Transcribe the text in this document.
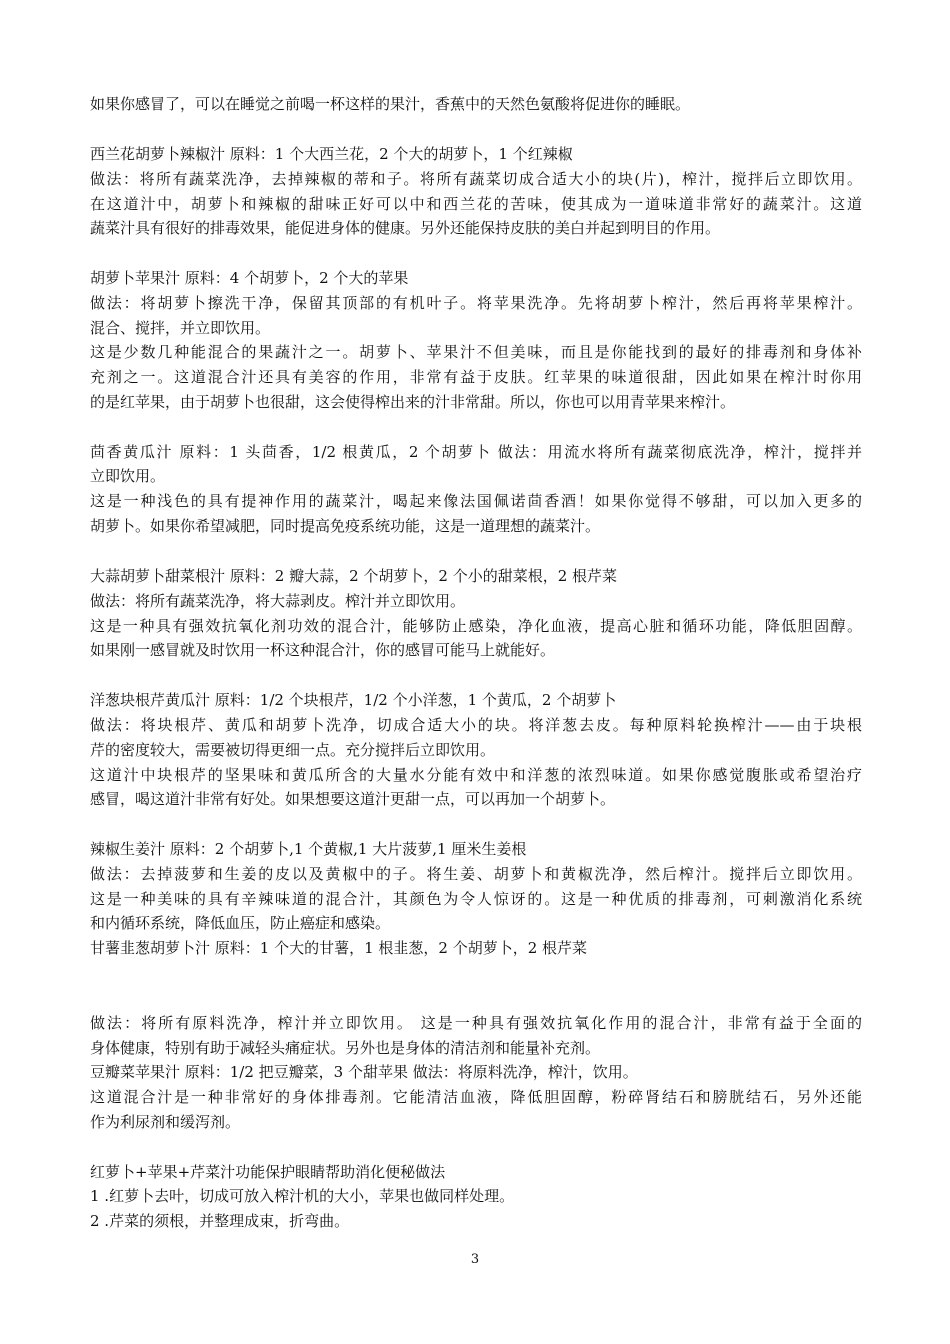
如果你感冒了，可以在睡觉之前喝一杯这样的果汁，香蕉中的天然色氨酸将促进你的睡眠。
西兰花胡萝卜辣椒汁 原料：1 个大西兰花，2 个大的胡萝卜，1 个红辣椒
做法：将所有蔬菜洗净，去掉辣椒的蒂和子。将所有蔬菜切成合适大小的块(片)，榨汁，搅拌后立即饮用。
在这道汁中，胡萝卜和辣椒的甜味正好可以中和西兰花的苦味，使其成为一道味道非常好的蔬菜汁。这道
蔬菜汁具有很好的排毒效果，能促进身体的健康。另外还能保持皮肤的美白并起到明目的作用。
胡萝卜苹果汁 原料：4 个胡萝卜，2 个大的苹果
做法：将胡萝卜擦洗干净，保留其顶部的有机叶子。将苹果洗净。先将胡萝卜榨汁，然后再将苹果榨汁。
混合、搅拌，并立即饮用。
这是少数几种能混合的果蔬汁之一。胡萝卜、苹果汁不但美味，而且是你能找到的最好的排毒剂和身体补
充剂之一。这道混合汁还具有美容的作用，非常有益于皮肤。红苹果的味道很甜，因此如果在榨汁时你用
的是红苹果，由于胡萝卜也很甜，这会使得榨出来的汁非常甜。所以，你也可以用青苹果来榨汁。
茴香黄瓜汁 原料：1 头茴香，1/2 根黄瓜，2 个胡萝卜 做法：用流水将所有蔬菜彻底洗净，榨汁，搅拌并
立即饮用。
这是一种浅色的具有提神作用的蔬菜汁，喝起来像法国佩诺茴香酒！如果你觉得不够甜，可以加入更多的
胡萝卜。如果你希望减肥，同时提高免疫系统功能，这是一道理想的蔬菜汁。
大蒜胡萝卜甜菜根汁 原料：2 瓣大蒜，2 个胡萝卜，2 个小的甜菜根，2 根芹菜
做法：将所有蔬菜洗净，将大蒜剥皮。榨汁并立即饮用。
这是一种具有强效抗氧化剂功效的混合汁，能够防止感染，净化血液，提高心脏和循环功能，降低胆固醇。
如果刚一感冒就及时饮用一杯这种混合汁，你的感冒可能马上就能好。
洋葱块根芹黄瓜汁 原料：1/2 个块根芹，1/2 个小洋葱，1 个黄瓜，2 个胡萝卜
做法：将块根芹、黄瓜和胡萝卜洗净，切成合适大小的块。将洋葱去皮。每种原料轮换榨汁——由于块根
芹的密度较大，需要被切得更细一点。充分搅拌后立即饮用。
这道汁中块根芹的坚果味和黄瓜所含的大量水分能有效中和洋葱的浓烈味道。如果你感觉腹胀或希望治疗
感冒，喝这道汁非常有好处。如果想要这道汁更甜一点，可以再加一个胡萝卜。
辣椒生姜汁 原料：2 个胡萝卜,1 个黄椒,1 大片菠萝,1 厘米生姜根
做法：去掉菠萝和生姜的皮以及黄椒中的子。将生姜、胡萝卜和黄椒洗净，然后榨汁。搅拌后立即饮用。
这是一种美味的具有辛辣味道的混合汁，其颜色为令人惊讶的。这是一种优质的排毒剂，可刺激消化系统
和内循环系统，降低血压，防止癌症和感染。
甘薯韭葱胡萝卜汁 原料：1 个大的甘薯，1 根韭葱，2 个胡萝卜，2 根芹菜
做法：将所有原料洗净，榨汁并立即饮用。 这是一种具有强效抗氧化作用的混合汁，非常有益于全面的
身体健康，特别有助于减轻头痛症状。另外也是身体的清洁剂和能量补充剂。
豆瓣菜苹果汁 原料：1/2 把豆瓣菜，3 个甜苹果 做法：将原料洗净，榨汁，饮用。
这道混合汁是一种非常好的身体排毒剂。它能清洁血液，降低胆固醇，粉碎肾结石和膀胱结石，另外还能
作为利尿剂和缓泻剂。
红萝卜+苹果+芹菜汁功能保护眼睛帮助消化便秘做法
1 .红萝卜去叶，切成可放入榨汁机的大小，苹果也做同样处理。
2 .芹菜的须根，并整理成束，折弯曲。
3
